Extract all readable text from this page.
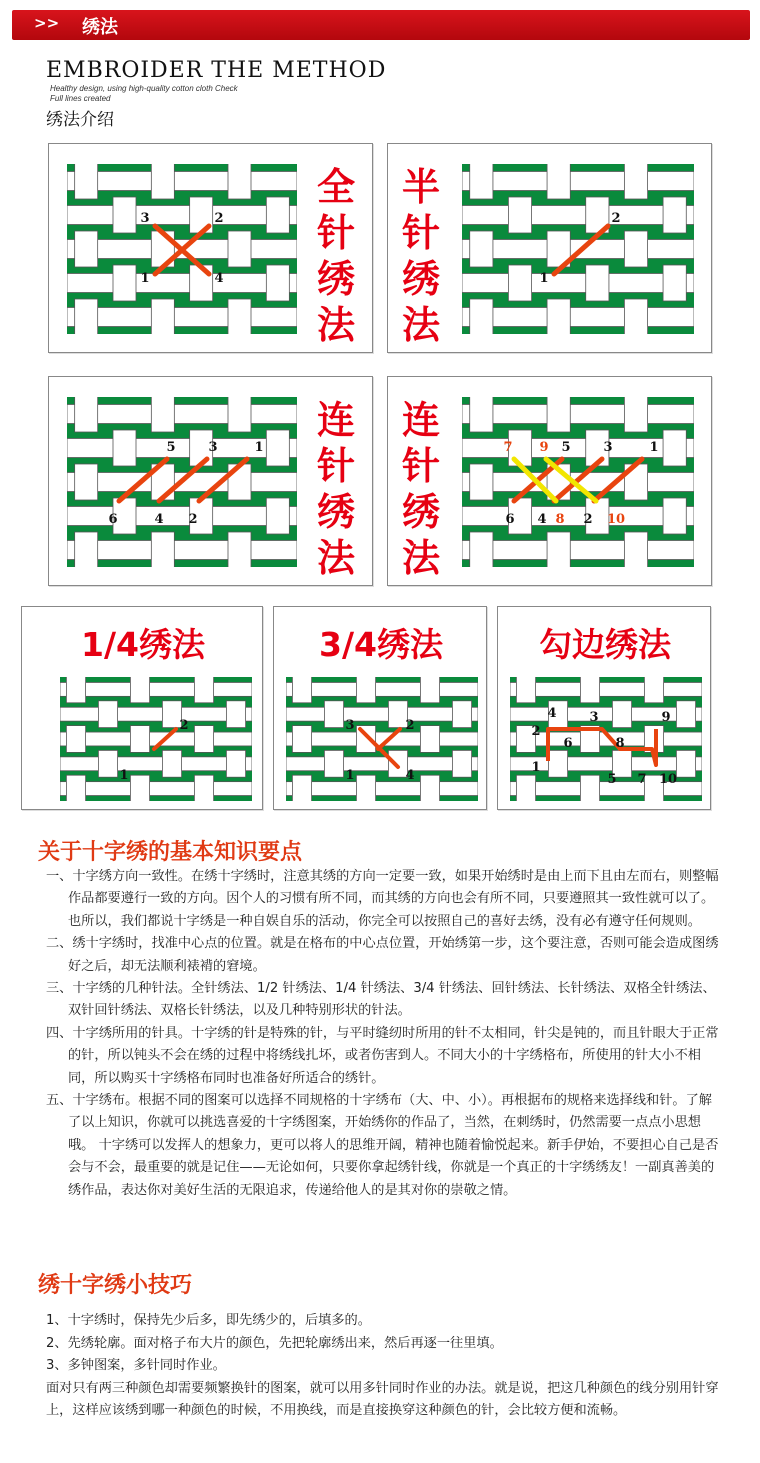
>> 绣法
EMBROIDER THE METHOD
Healthy design, using high-quality cotton cloth Check
Full lines created
绣法介绍
3	2
1	4
全针绣法
2
1
半针绣法
5	3	1
6	4 2
连针绣法
7 9 5	3	1
6 4 8 2 10
连针绣法
1/4绣法
2
1
3/4绣法
3	2
1	4
勾边绣法
4	3	9
2
6	8
1
5 7 10
关于十字绣的基本知识要点

一、十字绣方向一致性。在绣十字绣时，注意其绣的方向一定要一致，如果开始绣时是由上而下且由左而右，则整幅作品都要遵行一致的方向。因个人的习惯有所不同，而其绣的方向也会有所不同，只要遵照其一致性就可以了。也所以，我们都说十字绣是一种自娱自乐的活动，你完全可以按照自己的喜好去绣，没有必有遵守任何规则。

二、绣十字绣时，找准中心点的位置。就是在格布的中心点位置，开始绣第一步，这个要注意，否则可能会造成图绣好之后，却无法顺利裱褙的窘境。

三、十字绣的几种针法。全针绣法、1/2 针绣法、1/4 针绣法、3/4 针绣法、回针绣法、长针绣法、双格全针绣法、双针回针绣法、双格长针绣法，以及几种特别形状的针法。

四、十字绣所用的针具。十字绣的针是特殊的针，与平时缝纫时所用的针不太相同，针尖是钝的，而且针眼大于正常的针，所以钝头不会在绣的过程中将绣线扎坏，或者伤害到人。不同大小的十字绣格布，所使用的针大小不相同，所以购买十字绣格布同时也准备好所适合的绣针。

五、十字绣布。根据不同的图案可以选择不同规格的十字绣布（大、中、小）。再根据布的规格来选择线和针。了解了以上知识，你就可以挑选喜爱的十字绣图案，开始绣你的作品了，当然，在刺绣时，仍然需要一点点小思想哦。 十字绣可以发挥人的想象力，更可以将人的思维开阔，精神也随着愉悦起来。新手伊始，不要担心自己是否会与不会，最重要的就是记住——无论如何，只要你拿起绣针线，你就是一个真正的十字绣绣友！一副真善美的绣作品，表达你对美好生活的无限追求，传递给他人的是其对你的崇敬之情。

绣十字绣小技巧

1、十字绣时，保持先少后多，即先绣少的，后填多的。

2、先绣轮廓。面对格子布大片的颜色，先把轮廓绣出来，然后再逐一往里填。

3、多钟图案，多针同时作业。

面对只有两三种颜色却需要频繁换针的图案，就可以用多针同时作业的办法。就是说，把这几种颜色的线分别用针穿上，这样应该绣到哪一种颜色的时候，不用换线，而是直接换穿这种颜色的针，会比较方便和流畅。
